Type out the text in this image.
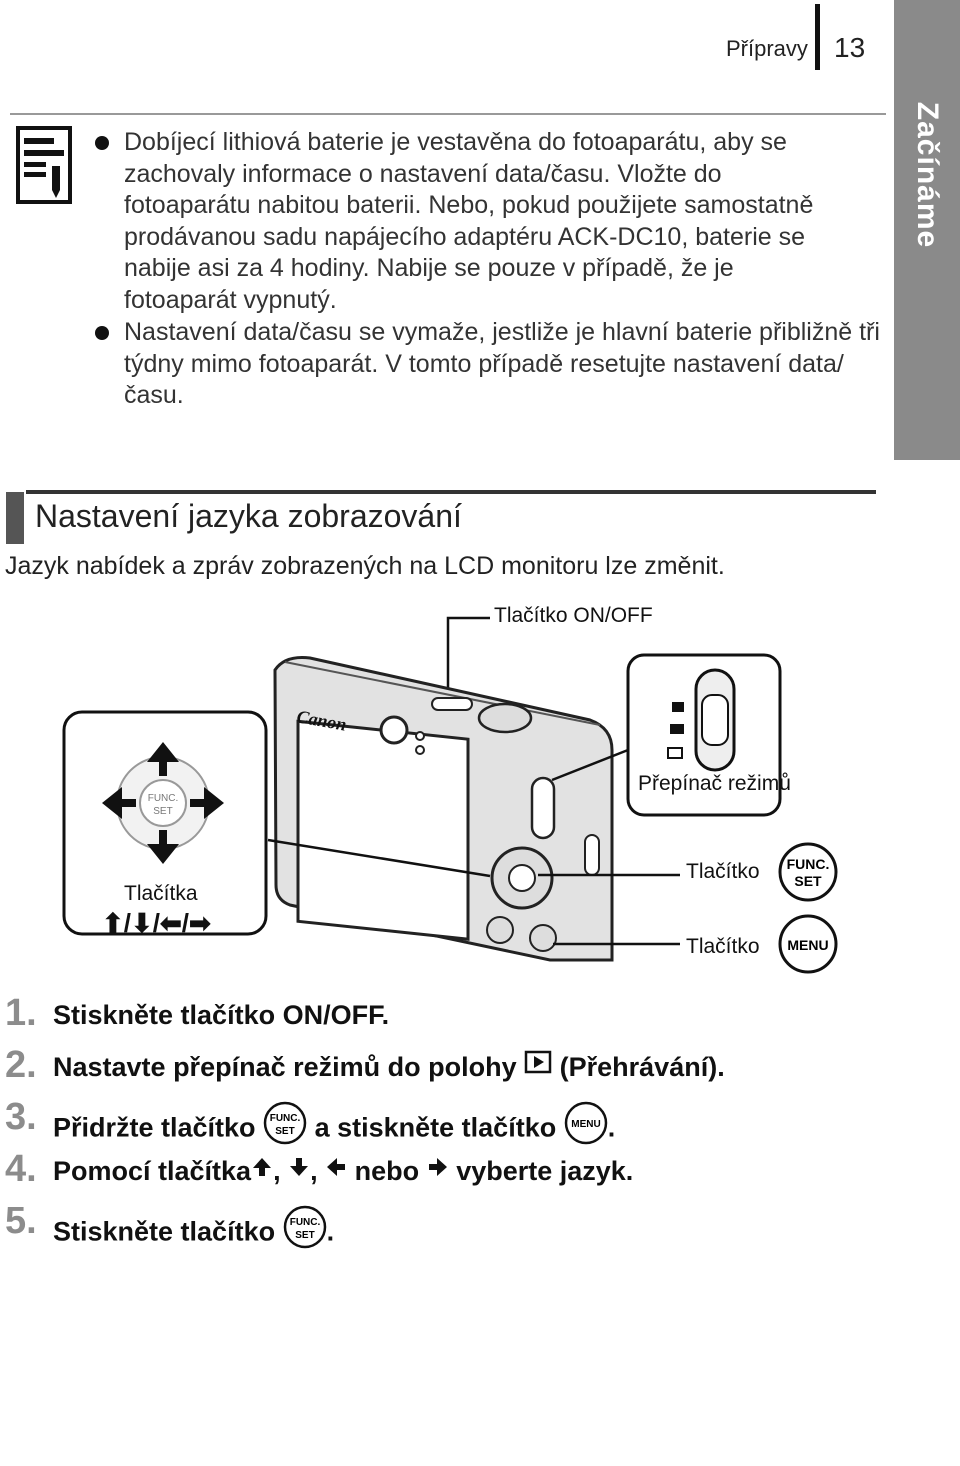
Přípravy 13
Začínáme
Dobíjecí lithiová baterie je vestavěna do fotoaparátu, aby se zachovaly informace o nastavení data/času. Vložte do fotoaparátu nabitou baterii. Nebo, pokud použijete samostatně prodávanou sadu napájecího adaptéru ACK-DC10, baterie se nabije asi za 4 hodiny. Nabije se pouze v případě, že je fotoaparát vypnutý.
Nastavení data/času se vymaže, jestliže je hlavní baterie přibližně tři týdny mimo fotoaparát. V tomto případě resetujte nastavení data/času.
Nastavení jazyka zobrazování
Jazyk nabídek a zpráv zobrazených na LCD monitoru lze změnit.
Canon
FUNC.
SET
FUNC.
SET
MENU
Tlačítko ON/OFF
Tlačítka
⬆/⬇/⬅/➡
Přepínač režimů
Tlačítko
Tlačítko
1. Stiskněte tlačítko ON/OFF.
2. Nastavte přepínač režimů do polohy (Přehrávání).
3. Přidržte tlačítko FUNC.
SET a stiskněte tlačítko MENU .
4. Pomocí tlačítka , , nebo vyberte jazyk.
5. Stiskněte tlačítko FUNC.
SET .
